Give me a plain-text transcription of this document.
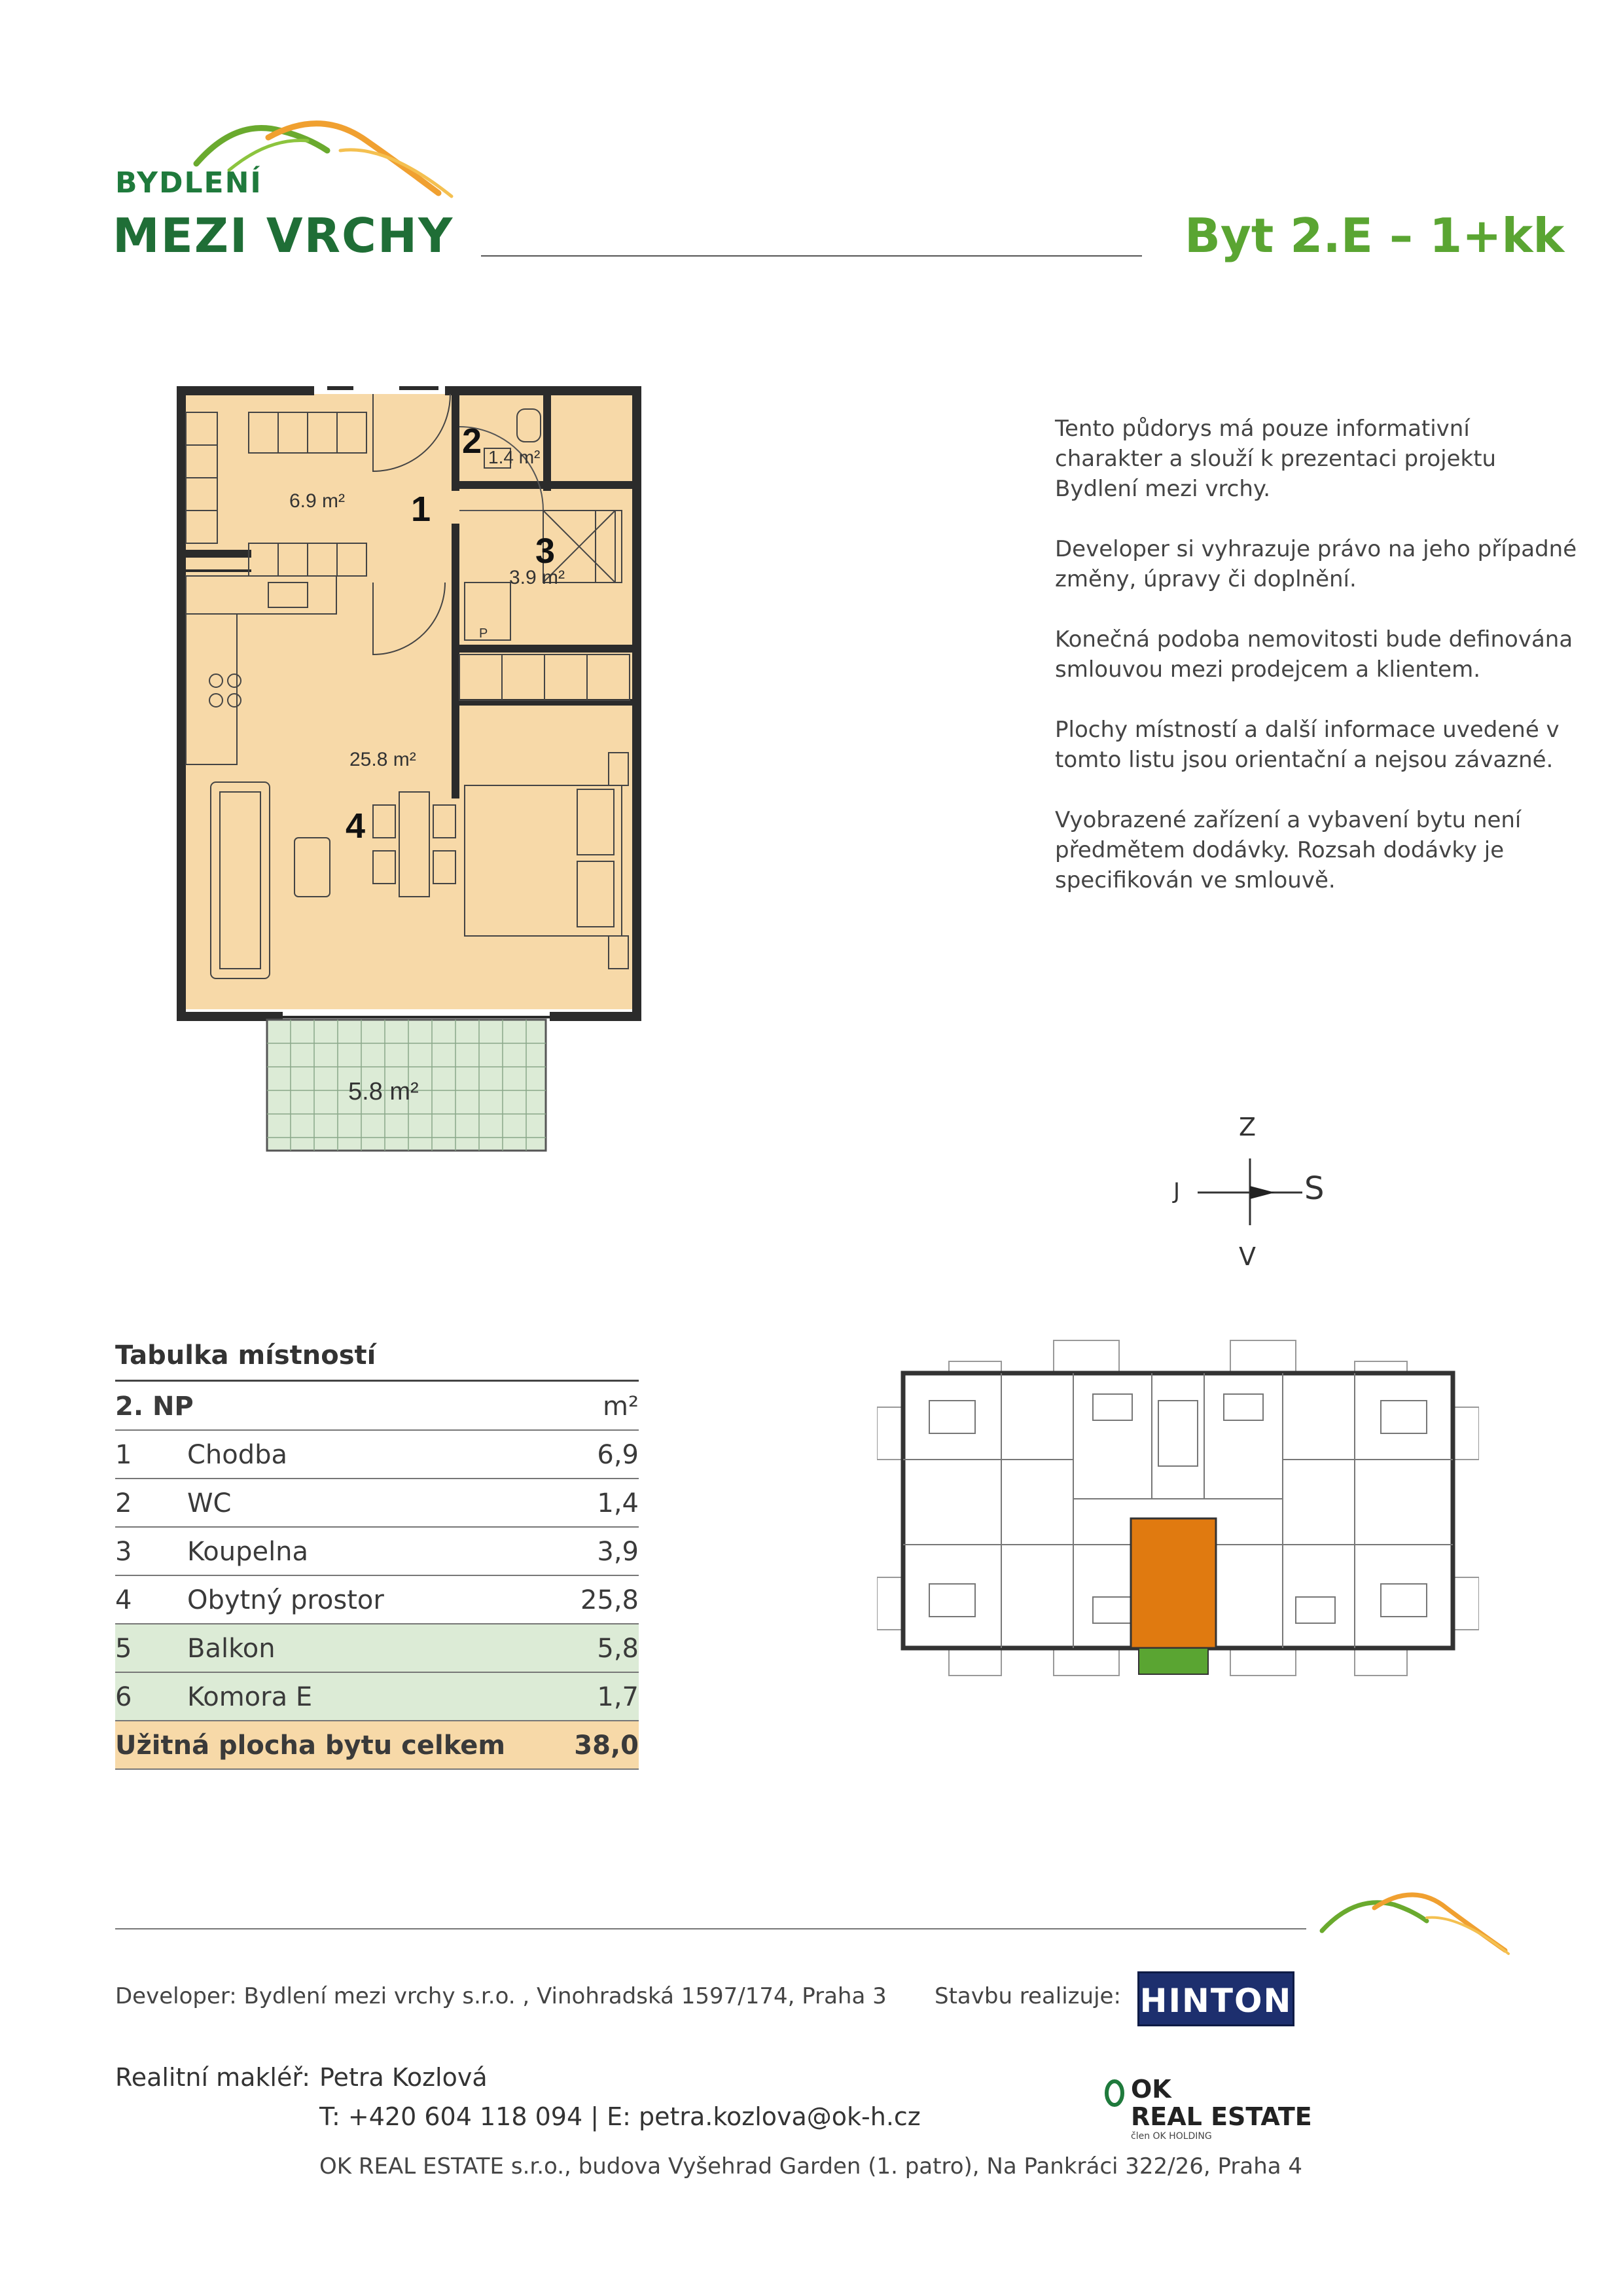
BYDLENÍ
MEZI VRCHY	Byt 2.E – 1+kk
6.9 m² 1
2 1.4 m²
3
3.9 m²
P
25.8 m²
4
5.8 m²

Tento půdorys má pouze informativní charakter a slouží k prezentaci projektu Bydlení mezi vrchy.

Developer si vyhrazuje právo na jeho případné změny, úpravy či doplnění.

Konečná podoba nemovitosti bude definována smlouvou mezi prodejcem a klientem.

Plochy místností a další informace uvedené v tomto listu jsou orientační a nejsou závazné.

Vyobrazené zařízení a vybavení bytu není předmětem dodávky. Rozsah dodávky je specifikován ve smlouvě.

Z
J	S
V
Tabulka místností
2. NP	m²
1 Chodba	6,9
2 WC	1,4
3 Koupelna	3,9
4 Obytný prostor	25,8
5 Balkon	5,8
6 Komora E	1,7
Užitná plocha bytu celkem	38,0
Developer: Bydlení mezi vrchy s.r.o. , Vinohradská 1597/174, Praha 3 Stavbu realizuje: HINTON
Realitní makléř: Petra Kozlová
T: +420 604 118 094 | E: petra.kozlova@ok-h.cz
OK
REAL ESTATE
člen OK HOLDING
OK REAL ESTATE s.r.o., budova Vyšehrad Garden (1. patro), Na Pankráci 322/26, Praha 4
